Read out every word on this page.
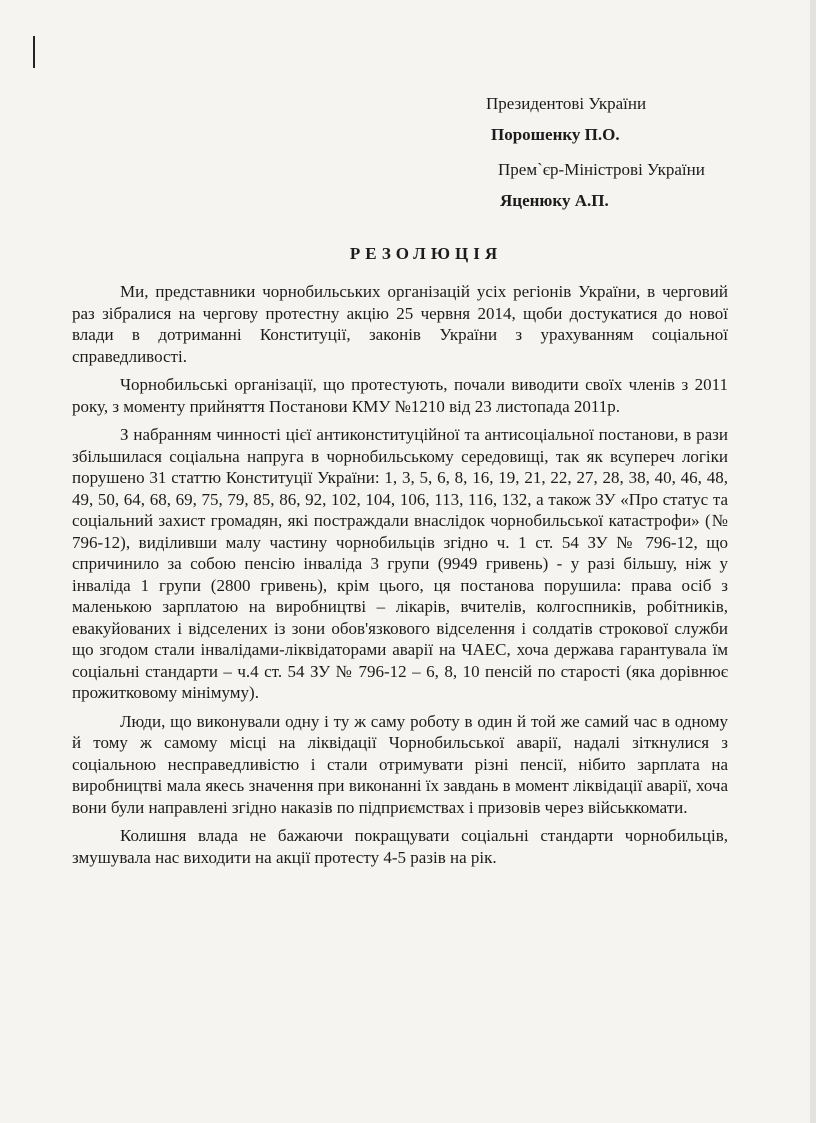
Президентові України
Порошенку П.О.
Прем`єр-Міністрові України
Яценюку А.П.
РЕЗОЛЮЦІЯ

Ми, представники чорнобильських організацій усіх регіонів України, в черговий раз зібралися на чергову протестну акцію 25 червня 2014, щоби достукатися до нової влади в дотриманні Конституції, законів України з урахуванням соціальної справедливості.

Чорнобильські організації, що протестують, почали виводити своїх членів з 2011 року, з моменту прийняття Постанови КМУ №1210 від 23 листопада 2011р.

З набранням чинності цієї антиконституційної та антисоціальної постанови, в рази збільшилася соціальна напруга в чорнобильському середовищі, так як всупереч логіки порушено 31 статтю Конституції України: 1, 3, 5, 6, 8, 16, 19, 21, 22, 27, 28, 38, 40, 46, 48, 49, 50, 64, 68, 69, 75, 79, 85, 86, 92, 102, 104, 106, 113, 116, 132, а також ЗУ «Про статус та соціальний захист громадян, які постраждали внаслідок чорнобильської катастрофи» (№ 796-12), виділивши малу частину чорнобильців згідно ч. 1 ст. 54 ЗУ № 796-12, що спричинило за собою пенсію інваліда 3 групи (9949 гривень) - у разі більшу, ніж у інваліда 1 групи (2800 гривень), крім цього, ця постанова порушила: права осіб з маленькою зарплатою на виробництві – лікарів, вчителів, колгоспників, робітників, евакуйованих і відселених із зони обов'язкового відселення і солдатів строкової служби що згодом стали інвалідами-ліквідаторами аварії на ЧАЕС, хоча держава гарантувала їм соціальні стандарти – ч.4 ст. 54 ЗУ № 796-12 – 6, 8, 10 пенсій по старості (яка дорівнює прожитковому мінімуму).

Люди, що виконували одну і ту ж саму роботу в один й той же самий час в одному й тому ж самому місці на ліквідації Чорнобильської аварії, надалі зіткнулися з соціальною несправедливістю і стали отримувати різні пенсії, нібито зарплата на виробництві мала якесь значення при виконанні їх завдань в момент ліквідації аварії, хоча вони були направлені згідно наказів по підприємствах і призовів через військкомати.

Колишня влада не бажаючи покращувати соціальні стандарти чорнобильців, змушувала нас виходити на акції протесту 4-5 разів на рік.
